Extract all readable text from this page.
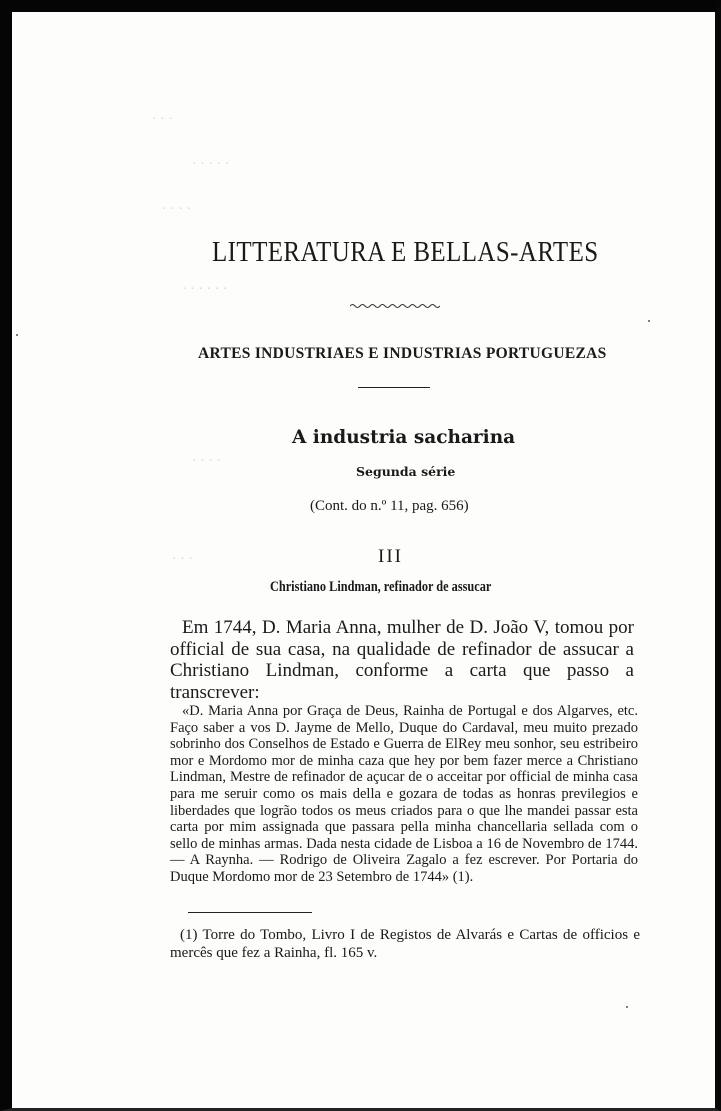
· · ·
· · · · ·
· · · ·
· · · · · ·
· · · ·
· · ·
LITTERATURA E BELLAS-ARTES
ARTES INDUSTRIAES E INDUSTRIAS PORTUGUEZAS
A industria sacharina
Segunda série
(Cont. do n.º 11, pag. 656)
III
Christiano Lindman, refinador de assucar

Em 1744, D. Maria Anna, mulher de D. João V, tomou por official de sua casa, na qualidade de refinador de assucar a Christiano Lindman, conforme a carta que passo a transcrever:

«D. Maria Anna por Graça de Deus, Rainha de Portugal e dos Algarves, etc. Faço saber a vos D. Jayme de Mello, Duque do Cardaval, meu muito prezado sobrinho dos Conselhos de Estado e Guerra de ElRey meu sonhor, seu estribeiro mor e Mordomo mor de minha caza que hey por bem fazer merce a Christiano Lindman, Mestre de refinador de açucar de o acceitar por official de minha casa para me seruir como os mais della e gozara de todas as honras previlegios e liberdades que logrão todos os meus criados para o que lhe mandei passar esta carta por mim assignada que passara pella minha chancellaria sellada com o sello de minhas armas. Dada nesta cidade de Lisboa a 16 de Novembro de 1744. — A Raynha. — Rodrigo de Oliveira Zagalo a fez escrever. Por Portaria do Duque Mordomo mor de 23 Setembro de 1744» (1).

(1) Torre do Tombo, Livro I de Registos de Alvarás e Cartas de officios e mercês que fez a Rainha, fl. 165 v.
